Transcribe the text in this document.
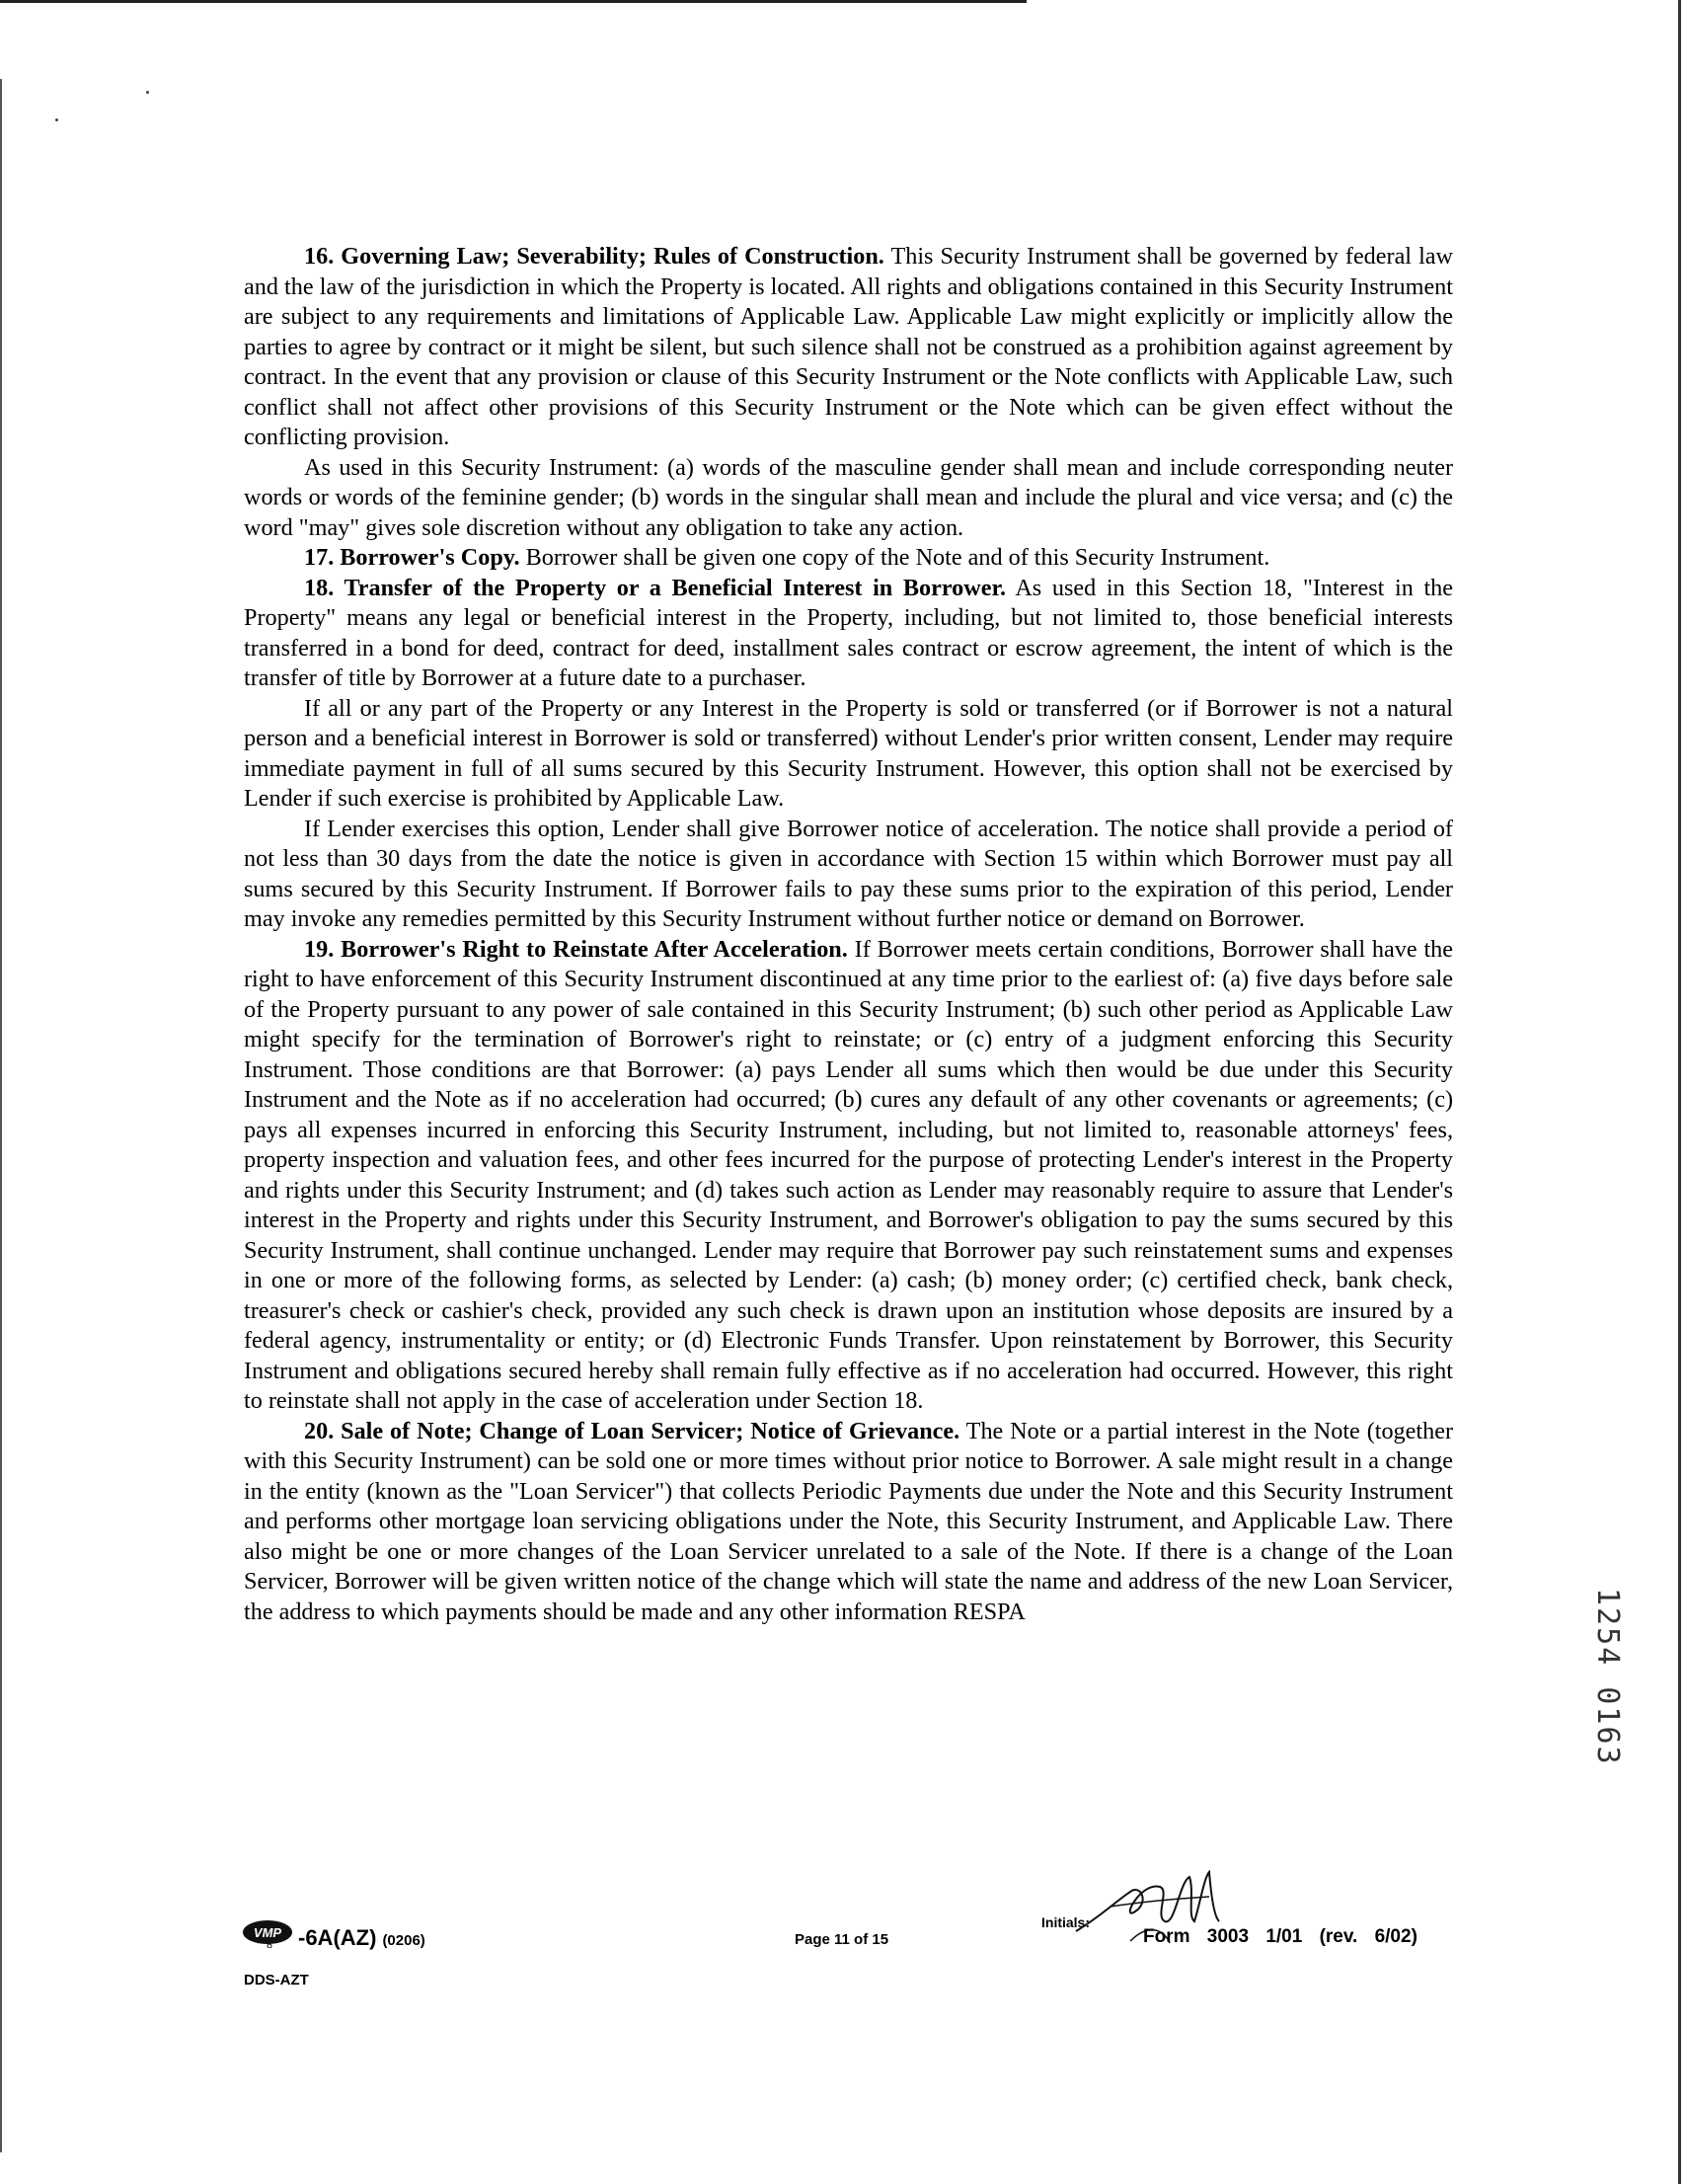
16. Governing Law; Severability; Rules of Construction. This Security Instrument shall be governed by federal law and the law of the jurisdiction in which the Property is located. All rights and obligations contained in this Security Instrument are subject to any requirements and limitations of Applicable Law. Applicable Law might explicitly or implicitly allow the parties to agree by contract or it might be silent, but such silence shall not be construed as a prohibition against agreement by contract. In the event that any provision or clause of this Security Instrument or the Note conflicts with Applicable Law, such conflict shall not affect other provisions of this Security Instrument or the Note which can be given effect without the conflicting provision.

As used in this Security Instrument: (a) words of the masculine gender shall mean and include corresponding neuter words or words of the feminine gender; (b) words in the singular shall mean and include the plural and vice versa; and (c) the word "may" gives sole discretion without any obligation to take any action.

17. Borrower's Copy. Borrower shall be given one copy of the Note and of this Security Instrument.

18. Transfer of the Property or a Beneficial Interest in Borrower. As used in this Section 18, "Interest in the Property" means any legal or beneficial interest in the Property, including, but not limited to, those beneficial interests transferred in a bond for deed, contract for deed, installment sales contract or escrow agreement, the intent of which is the transfer of title by Borrower at a future date to a purchaser.

If all or any part of the Property or any Interest in the Property is sold or transferred (or if Borrower is not a natural person and a beneficial interest in Borrower is sold or transferred) without Lender's prior written consent, Lender may require immediate payment in full of all sums secured by this Security Instrument. However, this option shall not be exercised by Lender if such exercise is prohibited by Applicable Law.

If Lender exercises this option, Lender shall give Borrower notice of acceleration. The notice shall provide a period of not less than 30 days from the date the notice is given in accordance with Section 15 within which Borrower must pay all sums secured by this Security Instrument. If Borrower fails to pay these sums prior to the expiration of this period, Lender may invoke any remedies permitted by this Security Instrument without further notice or demand on Borrower.

19. Borrower's Right to Reinstate After Acceleration. If Borrower meets certain conditions, Borrower shall have the right to have enforcement of this Security Instrument discontinued at any time prior to the earliest of: (a) five days before sale of the Property pursuant to any power of sale contained in this Security Instrument; (b) such other period as Applicable Law might specify for the termination of Borrower's right to reinstate; or (c) entry of a judgment enforcing this Security Instrument. Those conditions are that Borrower: (a) pays Lender all sums which then would be due under this Security Instrument and the Note as if no acceleration had occurred; (b) cures any default of any other covenants or agreements; (c) pays all expenses incurred in enforcing this Security Instrument, including, but not limited to, reasonable attorneys' fees, property inspection and valuation fees, and other fees incurred for the purpose of protecting Lender's interest in the Property and rights under this Security Instrument; and (d) takes such action as Lender may reasonably require to assure that Lender's interest in the Property and rights under this Security Instrument, and Borrower's obligation to pay the sums secured by this Security Instrument, shall continue unchanged. Lender may require that Borrower pay such reinstatement sums and expenses in one or more of the following forms, as selected by Lender: (a) cash; (b) money order; (c) certified check, bank check, treasurer's check or cashier's check, provided any such check is drawn upon an institution whose deposits are insured by a federal agency, instrumentality or entity; or (d) Electronic Funds Transfer. Upon reinstatement by Borrower, this Security Instrument and obligations secured hereby shall remain fully effective as if no acceleration had occurred. However, this right to reinstate shall not apply in the case of acceleration under Section 18.

20. Sale of Note; Change of Loan Servicer; Notice of Grievance. The Note or a partial interest in the Note (together with this Security Instrument) can be sold one or more times without prior notice to Borrower. A sale might result in a change in the entity (known as the "Loan Servicer") that collects Periodic Payments due under the Note and this Security Instrument and performs other mortgage loan servicing obligations under the Note, this Security Instrument, and Applicable Law. There also might be one or more changes of the Loan Servicer unrelated to a sale of the Note. If there is a change of the Loan Servicer, Borrower will be given written notice of the change which will state the name and address of the new Loan Servicer, the address to which payments should be made and any other information RESPA	1254 0163
VMP -6A(AZ) (0206)
DDS-AZT
Page 11 of 15
Initials:
Form 3003 1/01 (rev. 6/02)
